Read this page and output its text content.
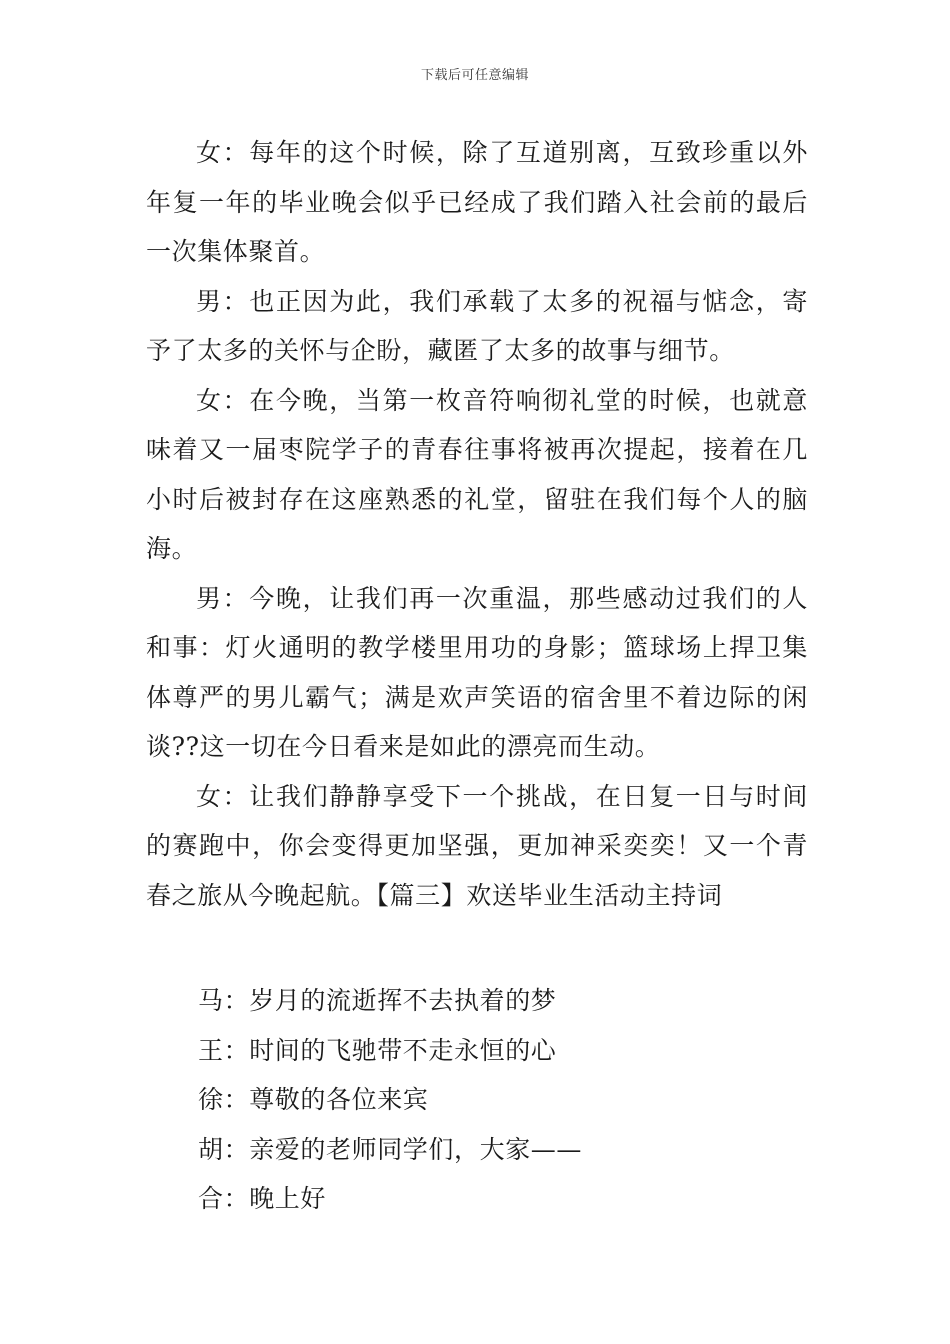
下载后可任意编辑

女：每年的这个时候，除了互道别离，互致珍重以外年复一年的毕业晚会似乎已经成了我们踏入社会前的最后一次集体聚首。

男：也正因为此，我们承载了太多的祝福与惦念，寄予了太多的关怀与企盼，藏匿了太多的故事与细节。

女：在今晚，当第一枚音符响彻礼堂的时候，也就意味着又一届枣院学子的青春往事将被再次提起，接着在几小时后被封存在这座熟悉的礼堂，留驻在我们每个人的脑海。

男：今晚，让我们再一次重温，那些感动过我们的人和事：灯火通明的教学楼里用功的身影；篮球场上捍卫集体尊严的男儿霸气；满是欢声笑语的宿舍里不着边际的闲谈??这一切在今日看来是如此的漂亮而生动。

女：让我们静静享受下一个挑战，在日复一日与时间的赛跑中，你会变得更加坚强，更加神采奕奕！又一个青春之旅从今晚起航。【篇三】欢送毕业生活动主持词

马：岁月的流逝挥不去执着的梦

王：时间的飞驰带不走永恒的心

徐：尊敬的各位来宾

胡：亲爱的老师同学们，大家——

合：晚上好
